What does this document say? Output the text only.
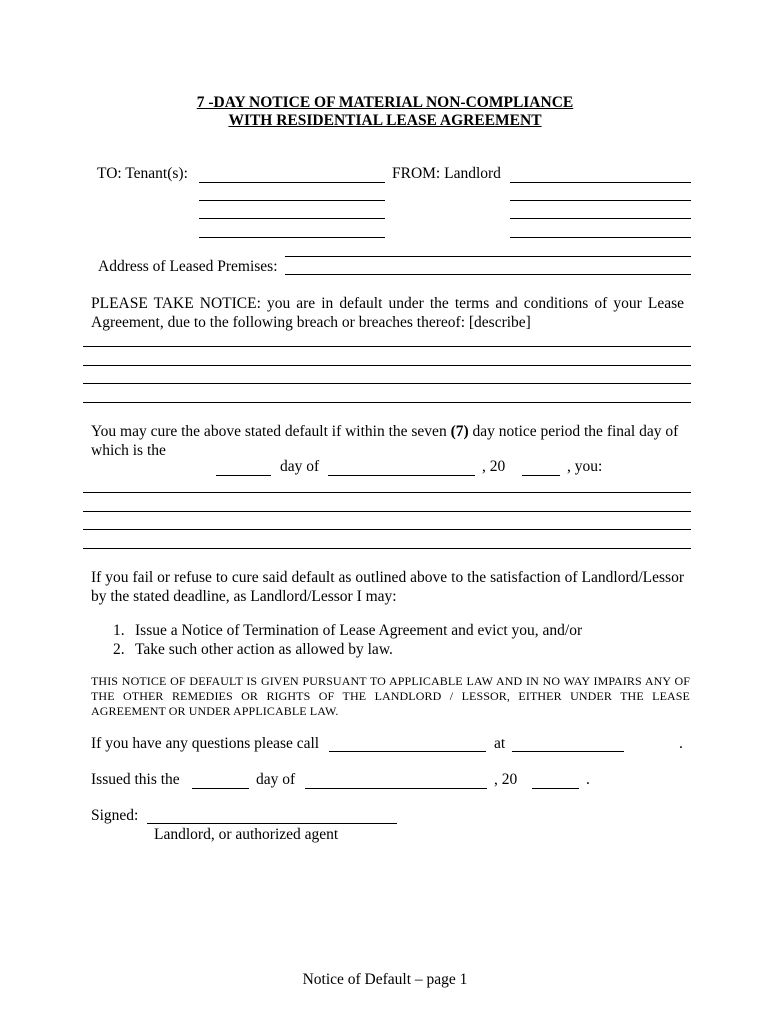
7 -DAY NOTICE OF MATERIAL NON-COMPLIANCE
WITH RESIDENTIAL LEASE AGREEMENT
TO: Tenant(s):	FROM: Landlord
Address of Leased Premises:
PLEASE TAKE NOTICE: you are in default under the terms and conditions of your Lease Agreement, due to the following breach or breaches thereof: [describe]
You may cure the above stated default if within the seven (7) day notice period the final day of which is the
day of	, 20	, you:
If you fail or refuse to cure said default as outlined above to the satisfaction of Landlord/Lessor by the stated deadline, as Landlord/Lessor I may:
1. Issue a Notice of Termination of Lease Agreement and evict you, and/or
2. Take such other action as allowed by law.
THIS NOTICE OF DEFAULT IS GIVEN PURSUANT TO APPLICABLE LAW AND IN NO WAY IMPAIRS ANY OF THE OTHER REMEDIES OR RIGHTS OF THE LANDLORD / LESSOR, EITHER UNDER THE LEASE AGREEMENT OR UNDER APPLICABLE LAW.
If you have any questions please call	at	.
Issued this the	day of	, 20	.
Signed:
Landlord, or authorized agent
Notice of Default – page 1
